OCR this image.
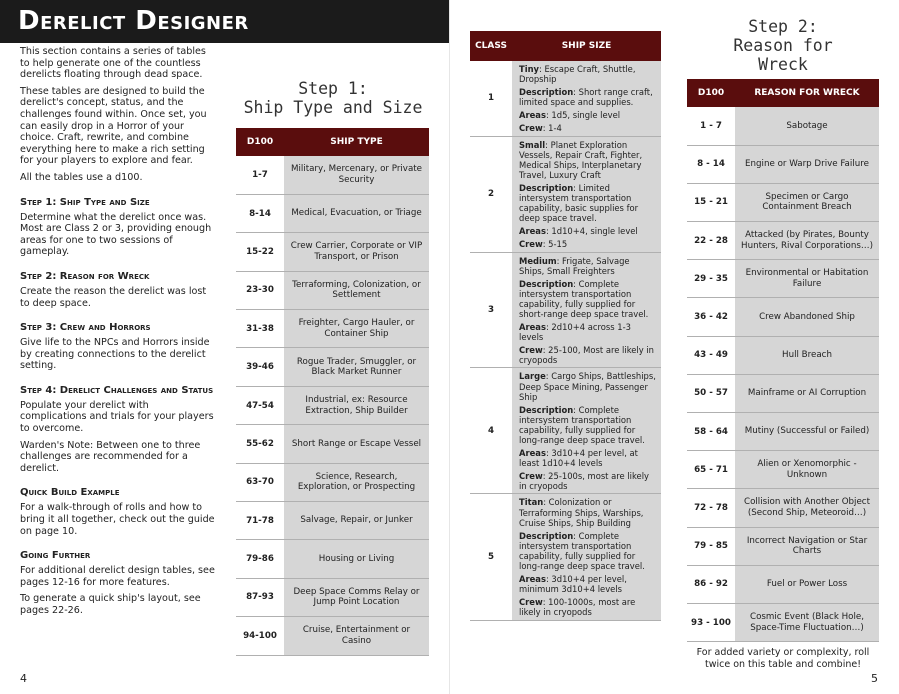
Derelict Designer

This section contains a series of tables to help generate one of the countless derelicts floating through dead space.

These tables are designed to build the derelict's concept, status, and the challenges found within. Once set, you can easily drop in a Horror of your choice. Craft, rewrite, and combine everything here to make a rich setting for your players to explore and fear.

All the tables use a d100.

Step 1: Ship Type and Size

Determine what the derelict once was. Most are Class 2 or 3, providing enough areas for one to two sessions of gameplay.

Step 2: Reason for Wreck

Create the reason the derelict was lost to deep space.

Step 3: Crew and Horrors

Give life to the NPCs and Horrors inside by creating connections to the derelict setting.

Step 4: Derelict Challenges and Status

Populate your derelict with complications and trials for your players to overcome.

Warden's Note: Between one to three challenges are recommended for a derelict.

Quick Build Example

For a walk-through of rolls and how to bring it all together, check out the guide on page 10.

Going Further

For additional derelict design tables, see pages 12-16 for more features.

To generate a quick ship's layout, see pages 22-26.

Step 1:
Ship Type and Size
D100	SHIP TYPE
1-7	Military, Mercenary, or Private Security
8-14	Medical, Evacuation, or Triage
15-22	Crew Carrier, Corporate or VIP Transport, or Prison
23-30	Terraforming, Colonization, or Settlement
31-38	Freighter, Cargo Hauler, or Container Ship
39-46	Rogue Trader, Smuggler, or Black Market Runner
47-54	Industrial, ex: Resource Extraction, Ship Builder
55-62	Short Range or Escape Vessel
63-70	Science, Research, Exploration, or Prospecting
71-78	Salvage, Repair, or Junker
79-86	Housing or Living
87-93	Deep Space Comms Relay or Jump Point Location
94-100	Cruise, Entertainment or Casino
CLASS	SHIP SIZE
1	Tiny: Escape Craft, Shuttle, Dropship

Description: Short range craft, limited space and supplies.

Areas: 1d5, single level

Crew: 1-4

2	Small: Planet Exploration Vessels, Repair Craft, Fighter, Medical Ships, Interplanetary Travel, Luxury Craft

Description: Limited intersystem transportation capability, basic supplies for deep space travel.

Areas: 1d10+4, single level

Crew: 5-15

3	Medium: Frigate, Salvage Ships, Small Freighters

Description: Complete intersystem transportation capability, fully supplied for short-range deep space travel.

Areas: 2d10+4 across 1-3 levels

Crew: 25-100, Most are likely in cryopods

4	Large: Cargo Ships, Battleships, Deep Space Mining, Passenger Ship

Description: Complete intersystem transportation capability, fully supplied for long-range deep space travel.

Areas: 3d10+4 per level, at least 1d10+4 levels

Crew: 25-100s, most are likely in cryopods

5	Titan: Colonization or Terraforming Ships, Warships, Cruise Ships, Ship Building

Description: Complete intersystem transportation capability, fully supplied for long-range deep space travel.

Areas: 3d10+4 per level, minimum 3d10+4 levels

Crew: 100-1000s, most are likely in cryopods

Step 2:
Reason for
Wreck
D100	REASON FOR WRECK
1 - 7	Sabotage
8 - 14	Engine or Warp Drive Failure
15 - 21	Specimen or Cargo Containment Breach
22 - 28	Attacked (by Pirates, Bounty Hunters, Rival Corporations…)
29 - 35	Environmental or Habitation Failure
36 - 42	Crew Abandoned Ship
43 - 49	Hull Breach
50 - 57	Mainframe or AI Corruption
58 - 64	Mutiny (Successful or Failed)
65 - 71	Alien or Xenomorphic - Unknown
72 - 78	Collision with Another Object (Second Ship, Meteoroid…)
79 - 85	Incorrect Navigation or Star Charts
86 - 92	Fuel or Power Loss
93 - 100	Cosmic Event (Black Hole, Space-Time Fluctuation…)
For added variety or complexity, roll twice on this table and combine!
4	5
